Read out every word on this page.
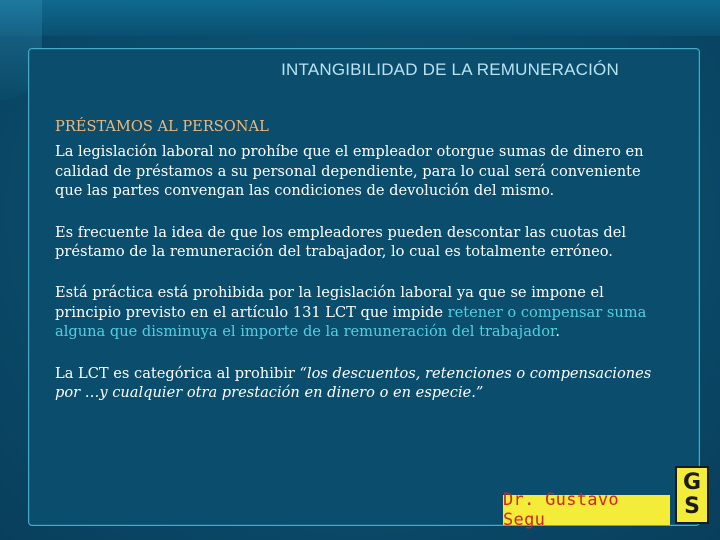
INTANGIBILIDAD DE LA REMUNERACIÓN
PRÉSTAMOS AL PERSONAL

La legislación laboral no prohíbe que el empleador otorgue sumas de dinero en calidad de préstamos a su personal dependiente, para lo cual será conveniente que las partes convengan las condiciones de devolución del mismo.

Es frecuente la idea de que los empleadores pueden descontar las cuotas del préstamo de la remuneración del trabajador, lo cual es totalmente erróneo.

Está práctica está prohibida por la legislación laboral ya que se impone el principio previsto en el artículo 131 LCT que impide retener o compensar suma alguna que disminuya el importe de la remuneración del trabajador.

La LCT es categórica al prohibir “los descuentos, retenciones o compensaciones por …y cualquier otra prestación en dinero o en especie.”

Dr. Gustavo Segu
G
S
